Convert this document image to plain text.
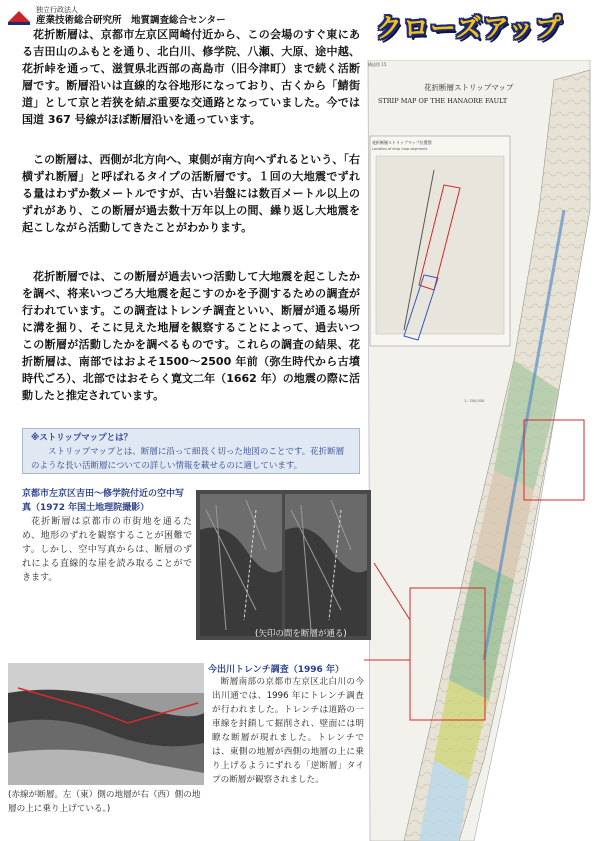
独立行政法人
産業技術総合研究所　地質調査総合センター	クローズアップ

花折断層は、京都市左京区岡崎付近から、この会場のすぐ東にある吉田山のふもとを通り、北白川、修学院、八瀬、大原、途中越、花折峠を通って、滋賀県北西部の高島市（旧今津町）まで続く活断層です。断層沿いは直線的な谷地形になっており、古くから「鯖街道」として京と若狭を結ぶ重要な交通路となっていました。今では国道 367 号線がほぼ断層沿いを通っています。

この断層は、西側が北方向へ、東側が南方向へずれるという、「右横ずれ断層」と呼ばれるタイプの活断層です。１回の大地震でずれる量はわずか数メートルですが、古い岩盤には数百メートル以上のずれがあり、この断層が過去数十万年以上の間、繰り返し大地震を起こしながら活動してきたことがわかります。

花折断層では、この断層が過去いつ活動して大地震を起こしたかを調べ、将来いつごろ大地震を起こすのかを予測するための調査が行われています。この調査はトレンチ調査といい、断層が通る場所に溝を掘り、そこに見えた地層を観察することによって、過去いつこの断層が活動したかを調べるものです。これらの調査の結果、花折断層は、南部ではおよそ1500〜2500 年前（弥生時代から古墳時代ごろ）、北部ではおそらく寛文二年（1662 年）の地震の際に活動したと推定されています。

※ストリップマップとは？
ストリップマップとは、断層に沿って細長く切った地図のことです。花折断層のような長い活断層についての詳しい情報を載せるのに適しています。
構造図 15
花折断層ストリップマップ
STRIP MAP OF THE HANAORE FAULT
花折断層ストリップマップ位置図
Location of strip map segments
1 : 200,000
京都市左京区吉田〜修学院付近の空中写真（1972 年国土地理院撮影）
花折断層は京都市の市街地を通るため、地形のずれを観察することが困難です。しかし、空中写真からは、断層のずれによる直線的な崖を読み取ることができます。
(矢印の間を断層が通る)
今出川トレンチ調査（1996 年）
断層南部の京都市左京区北白川の今出川通では、1996 年にトレンチ調査が行われました。トレンチは道路の一車線を封鎖して掘削され、壁面には明瞭な断層が現れました。トレンチでは、東側の地層が西側の地層の上に乗り上げるようにずれる「逆断層」タイプの断層が観察されました。
(赤線が断層。左（東）側の地層が右（西）側の地層の上に乗り上げている。)
